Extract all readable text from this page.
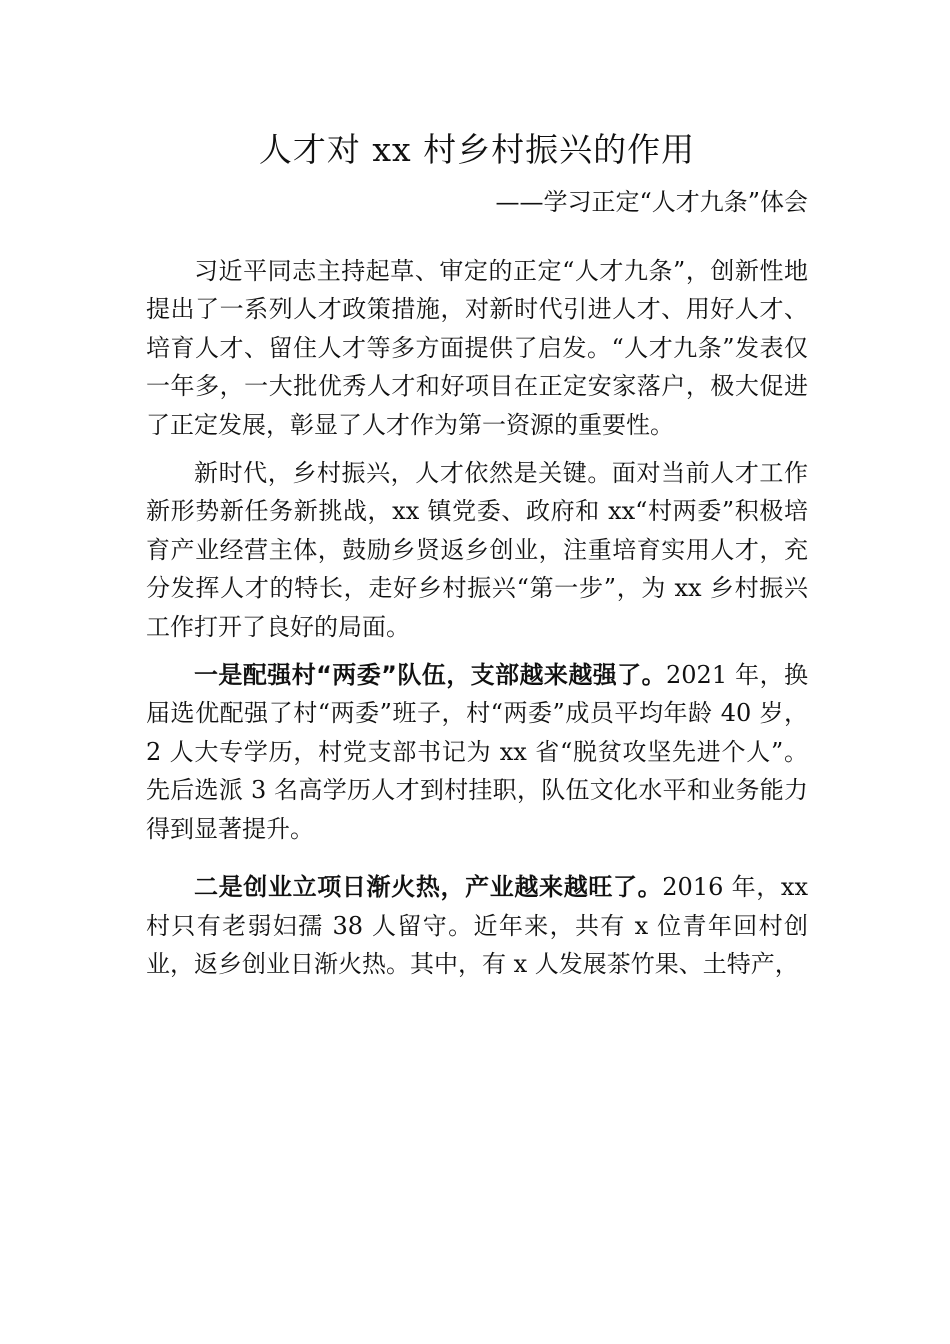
人才对 xx 村乡村振兴的作用
——学习正定“人才九条”体会

习近平同志主持起草、审定的正定“人才九条”，创新性地提出了一系列人才政策措施，对新时代引进人才、用好人才、培育人才、留住人才等多方面提供了启发。“人才九条”发表仅一年多，一大批优秀人才和好项目在正定安家落户，极大促进了正定发展，彰显了人才作为第一资源的重要性。

新时代，乡村振兴，人才依然是关键。面对当前人才工作新形势新任务新挑战，xx 镇党委、政府和 xx“村两委”积极培育产业经营主体，鼓励乡贤返乡创业，注重培育实用人才，充分发挥人才的特长，走好乡村振兴“第一步”，为 xx 乡村振兴工作打开了良好的局面。

一是配强村“两委”队伍，支部越来越强了。2021 年，换届选优配强了村“两委”班子，村“两委”成员平均年龄 40 岁，2 人大专学历，村党支部书记为 xx 省“脱贫攻坚先进个人”。先后选派 3 名高学历人才到村挂职，队伍文化水平和业务能力得到显著提升。

二是创业立项日渐火热，产业越来越旺了。2016 年，xx 村只有老弱妇孺 38 人留守。近年来，共有 x 位青年回村创业，返乡创业日渐火热。其中，有 x 人发展茶竹果、土特产，
